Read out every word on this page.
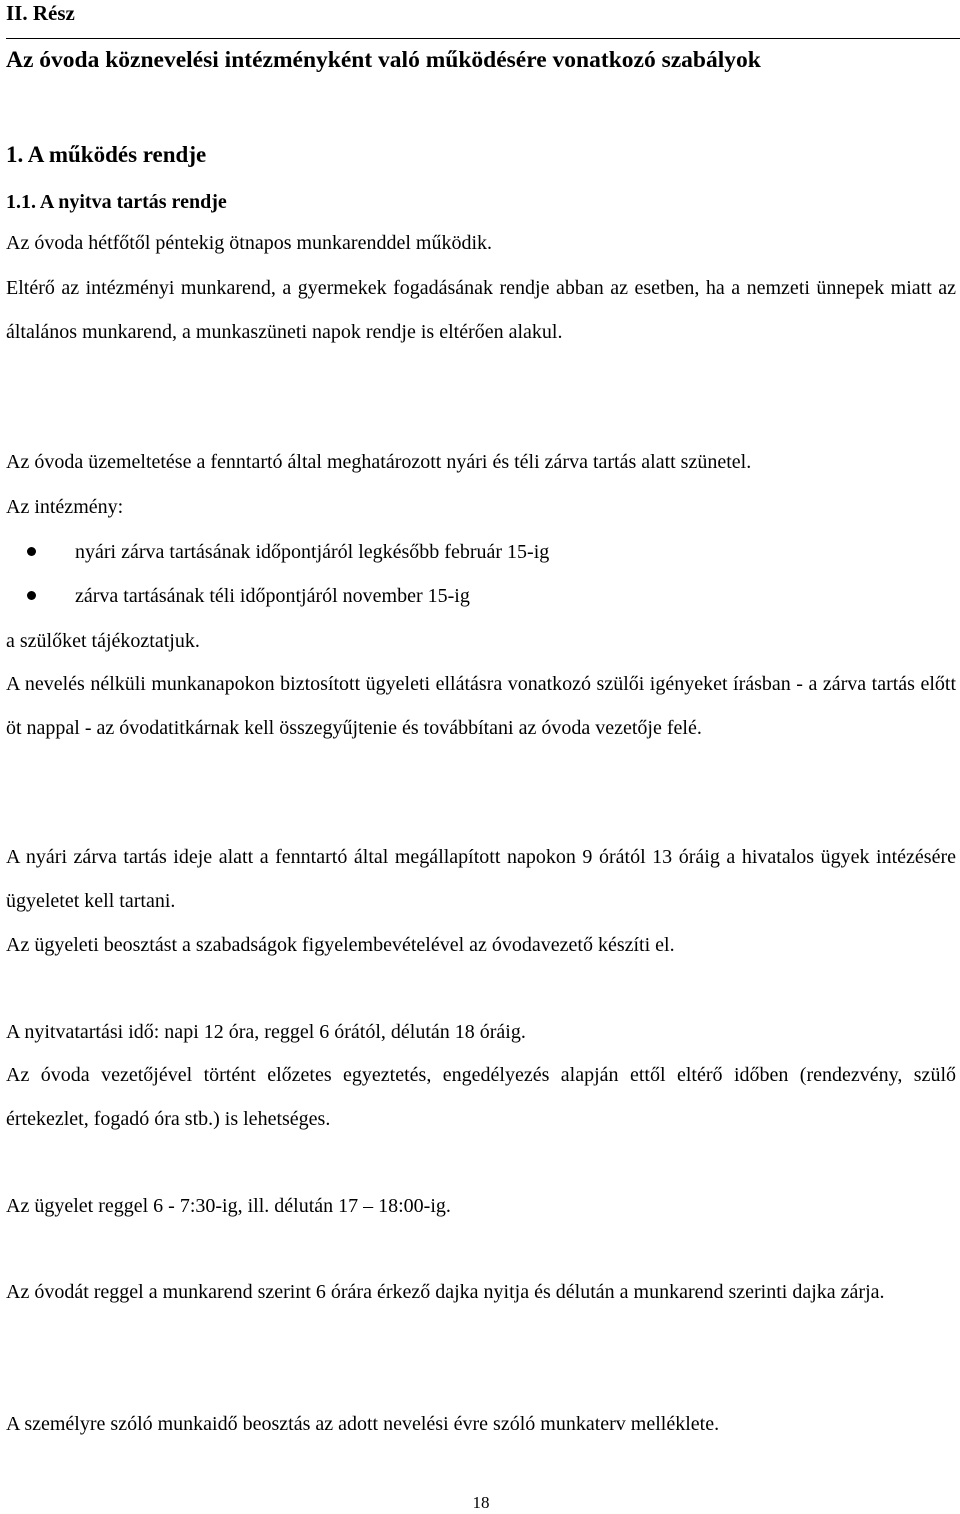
II. Rész
Az óvoda köznevelési intézményként való működésére vonatkozó szabályok
1. A működés rendje
1.1. A nyitva tartás rendje

Az óvoda hétfőtől péntekig ötnapos munkarenddel működik.

Eltérő az intézményi munkarend, a gyermekek fogadásának rendje abban az esetben, ha a nemzeti ünnepek miatt az általános munkarend, a munkaszüneti napok rendje is eltérően alakul.

Az óvoda üzemeltetése a fenntartó által meghatározott nyári és téli zárva tartás alatt szünetel.

Az intézmény:

nyári zárva tartásának időpontjáról legkésőbb február 15-ig
zárva tartásának téli időpontjáról november 15-ig

a szülőket tájékoztatjuk.

A nevelés nélküli munkanapokon biztosított ügyeleti ellátásra vonatkozó szülői igényeket írásban - a zárva tartás előtt öt nappal - az óvodatitkárnak kell összegyűjtenie és továbbítani az óvoda vezetője felé.

A nyári zárva tartás ideje alatt a fenntartó által megállapított napokon 9 órától 13 óráig a hivatalos ügyek intézésére ügyeletet kell tartani.

Az ügyeleti beosztást a szabadságok figyelembevételével az óvodavezető készíti el.

A nyitvatartási idő: napi 12 óra, reggel 6 órától, délután 18 óráig.

Az óvoda vezetőjével történt előzetes egyeztetés, engedélyezés alapján ettől eltérő időben (rendezvény, szülő értekezlet, fogadó óra stb.) is lehetséges.

Az ügyelet reggel 6 - 7:30-ig, ill. délután 17 – 18:00-ig.

Az óvodát reggel a munkarend szerint 6 órára érkező dajka nyitja és délután a munkarend szerinti dajka zárja.

A személyre szóló munkaidő beosztás az adott nevelési évre szóló munkaterv melléklete.

18
